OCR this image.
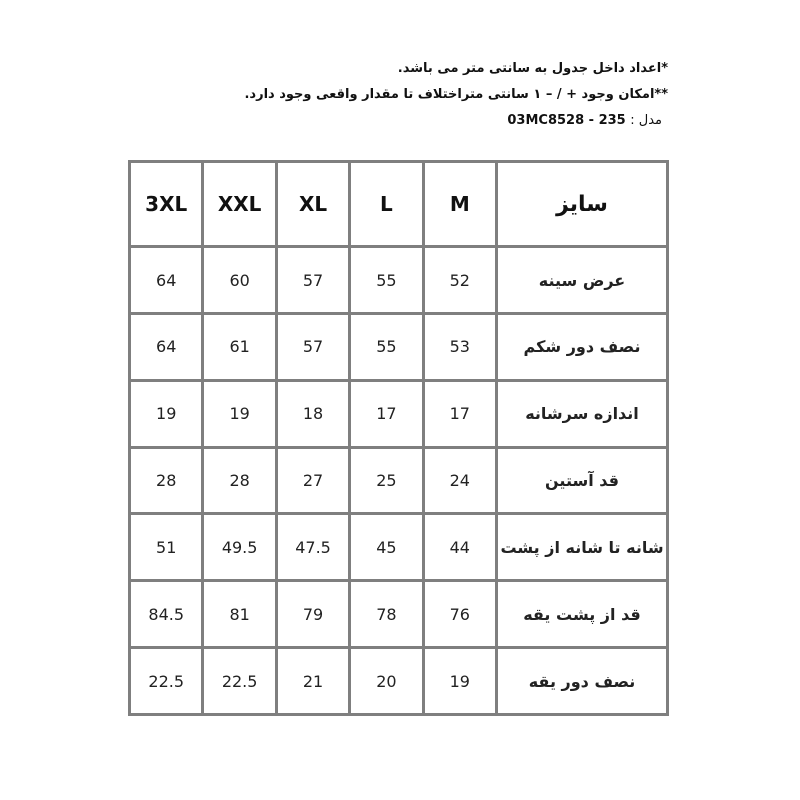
*اعداد داخل جدول به سانتی متر می باشد.
**امکان وجود + / – ۱ سانتی متراختلاف تا مقدار واقعی وجود دارد.
مدل : 03MC8528 - 235
سایز	M	L	XL	XXL	3XL
عرض سینه	52	55	57	60	64
نصف دور شکم	53	55	57	61	64
اندازه سرشانه	17	17	18	19	19
قد آستین	24	25	27	28	28
شانه تا شانه از پشت	44	45	47.5	49.5	51
قد از پشت یقه	76	78	79	81	84.5
نصف دور یقه	19	20	21	22.5	22.5
